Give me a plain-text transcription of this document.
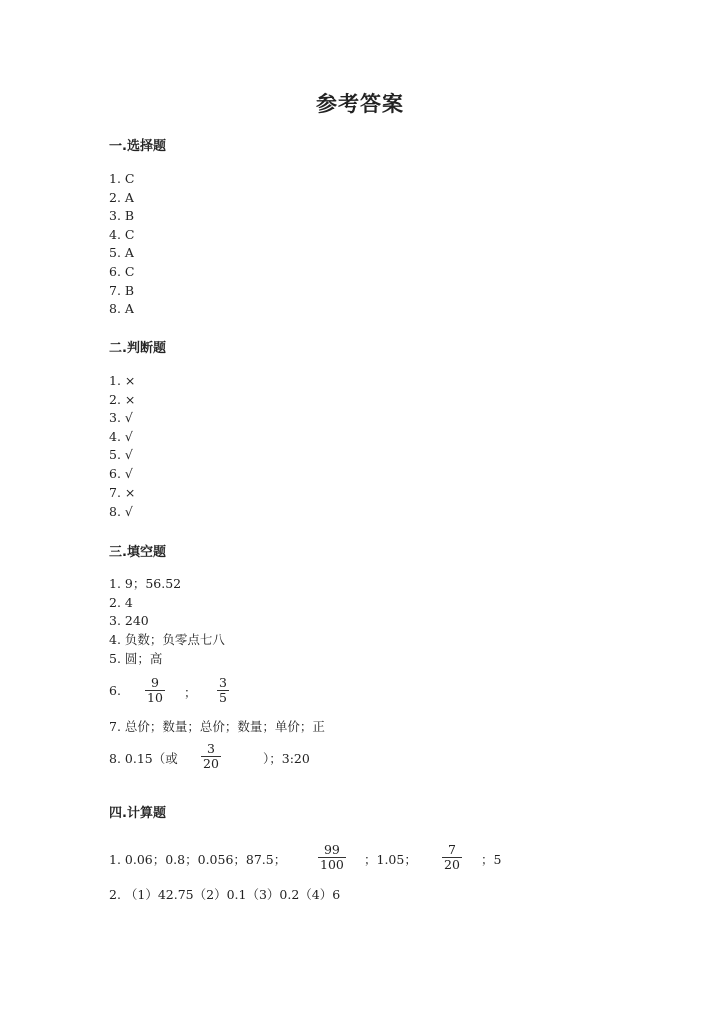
参考答案
一.选择题
1. C
2. A
3. B
4. C
5. A
6. C
7. B
8. A
二.判断题
1. ×
2. ×
3. √
4. √
5. √
6. √
7. ×
8. √
三.填空题
1. 9；56.52
2. 4
3. 240
4. 负数；负零点七八
5. 圆；高
6. $\frac{9}{10}$ ； $\frac{3}{5}$
7. 总价；数量；总价；数量；单价；正
8. 0.15（或 $\frac{3}{20}$	）；3:20
四.计算题
1. 0.06；0.8；0.056；87.5；	$\frac{99}{100}$ ；1.05； $\frac{7}{20}$ ；5
2. （1）42.75（2）0.1（3）0.2（4）6
